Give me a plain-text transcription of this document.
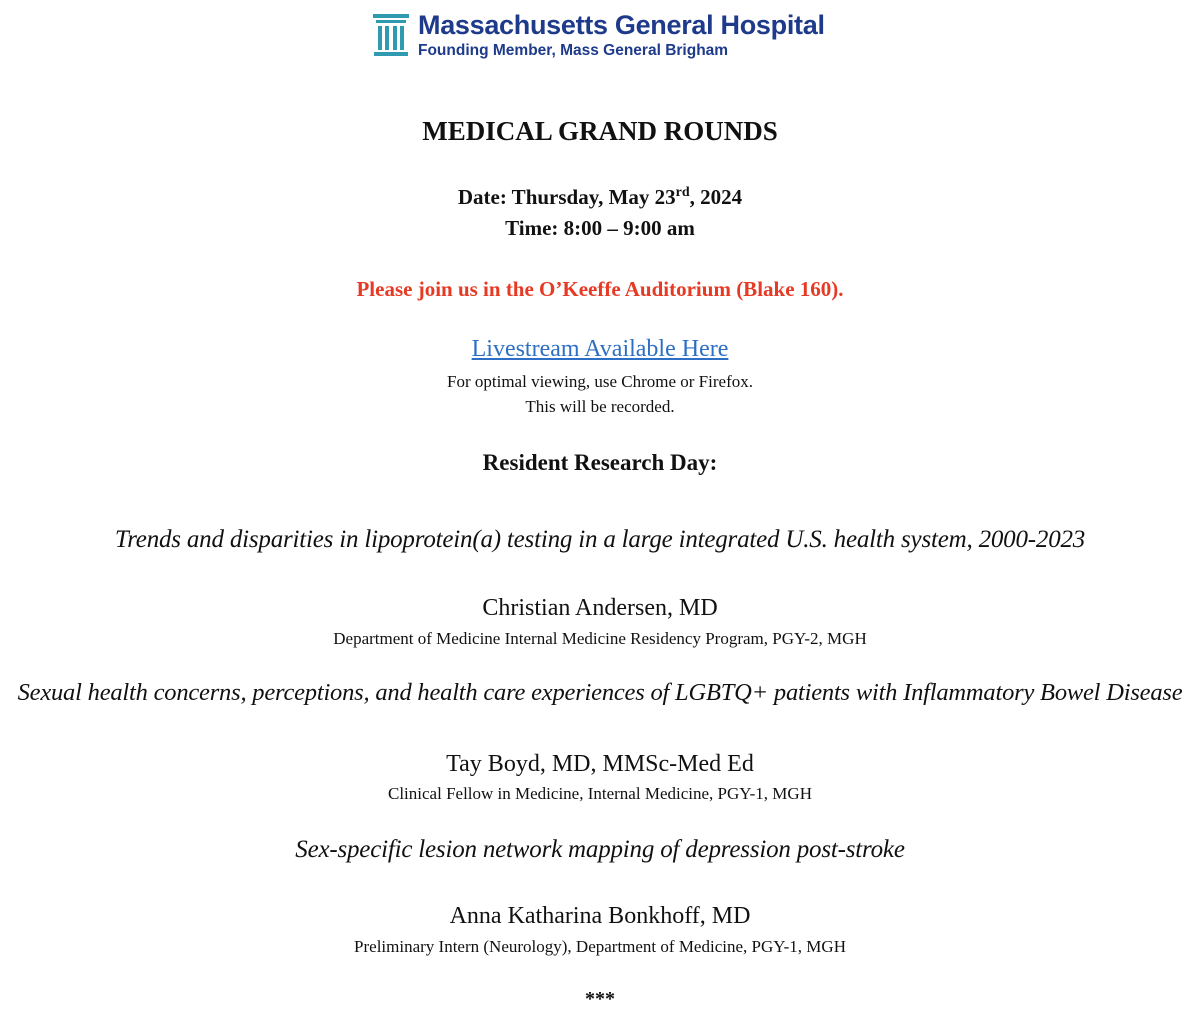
Massachusetts General Hospital
Founding Member, Mass General Brigham
MEDICAL GRAND ROUNDS
Date: Thursday, May 23rd, 2024
Time: 8:00 – 9:00 am
Please join us in the O’Keeffe Auditorium (Blake 160).
Livestream Available Here
For optimal viewing, use Chrome or Firefox.
This will be recorded.
Resident Research Day:
Trends and disparities in lipoprotein(a) testing in a large integrated U.S. health system, 2000-2023
Christian Andersen, MD
Department of Medicine Internal Medicine Residency Program, PGY-2, MGH
Sexual health concerns, perceptions, and health care experiences of LGBTQ+ patients with Inflammatory Bowel Disease
Tay Boyd, MD, MMSc-Med Ed
Clinical Fellow in Medicine, Internal Medicine, PGY-1, MGH
Sex-specific lesion network mapping of depression post-stroke
Anna Katharina Bonkhoff, MD
Preliminary Intern (Neurology), Department of Medicine, PGY-1, MGH
***
